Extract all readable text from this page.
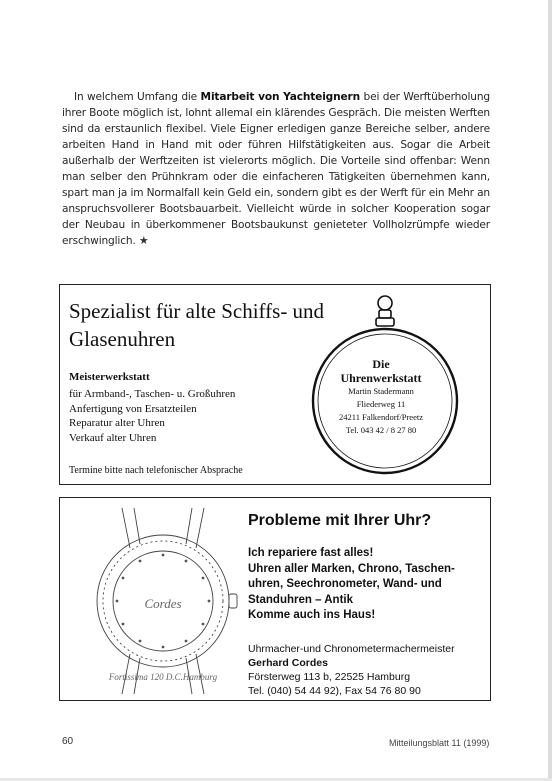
In welchem Umfang die Mitarbeit von Yachteignern bei der Werftüberholung ihrer Boote möglich ist, lohnt allemal ein klärendes Gespräch. Die meisten Werften sind da erstaunlich flexibel. Viele Eigner erledigen ganze Bereiche selber, andere arbeiten Hand in Hand mit oder führen Hilfstätigkeiten aus. Sogar die Arbeit außerhalb der Werftzeiten ist vielerorts möglich. Die Vorteile sind offenbar: Wenn man selber den Prühnkram oder die einfacheren Tätigkeiten übernehmen kann, spart man ja im Normalfall kein Geld ein, sondern gibt es der Werft für ein Mehr an anspruchsvollerer Bootsbauarbeit. Vielleicht würde in solcher Kooperation sogar der Neubau in überkommener Bootsbaukunst genieteter Vollholzrümpfe wieder erschwinglich. ★

Spezialist für alte Schiffs- und Glasenuhren
Meisterwerkstatt
für Armband-, Taschen- u. Großuhren
Anfertigung von Ersatzteilen
Reparatur alter Uhren
Verkauf alter Uhren
Termine bitte nach telefonischer Absprache
Die
Uhrenwerkstatt
Martin Stadermann
Fliederweg 11
24211 Falkendorf/Preetz
Tel. 043 42 / 8 27 80
Cordes
Fortissima 120 D.C.Hamburg
Probleme mit Ihrer Uhr?
Ich repariere fast alles!
Uhren aller Marken, Chrono, Taschen-
uhren, Seechronometer, Wand- und
Standuhren – Antik
Komme auch ins Haus!
Uhrmacher-und Chronometermachermeister
Gerhard Cordes
Försterweg 113 b, 22525 Hamburg
Tel. (040) 54 44 92), Fax 54 76 80 90
60	Mitteilungsblatt 11 (1999)
